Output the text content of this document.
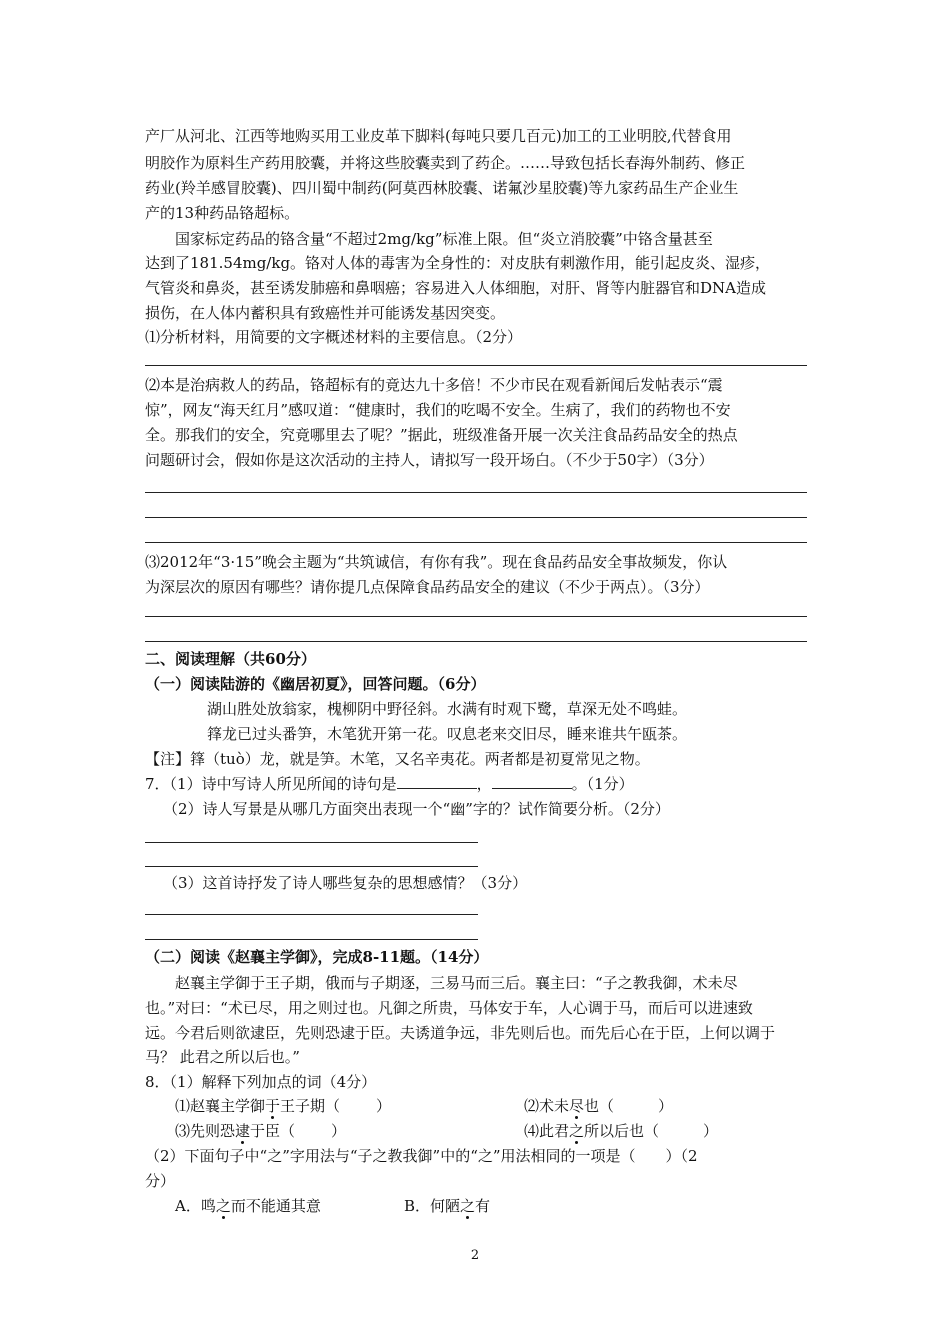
产厂从河北、江西等地购买用工业皮革下脚料(每吨只要几百元)加工的工业明胶,代替食用
明胶作为原料生产药用胶囊，并将这些胶囊卖到了药企。……导致包括长春海外制药、修正
药业(羚羊感冒胶囊)、四川蜀中制药(阿莫西林胶囊、诺氟沙星胶囊)等九家药品生产企业生
产的13种药品铬超标。
国家标定药品的铬含量“不超过2mg/kg”标准上限。但“炎立消胶囊”中铬含量甚至
达到了181.54mg/kg。铬对人体的毒害为全身性的：对皮肤有刺激作用，能引起皮炎、湿疹，
气管炎和鼻炎，甚至诱发肺癌和鼻咽癌；容易进入人体细胞，对肝、肾等内脏器官和DNA造成
损伤，在人体内蓄积具有致癌性并可能诱发基因突变。
⑴分析材料，用简要的文字概述材料的主要信息。（2分）
⑵本是治病救人的药品，铬超标有的竟达九十多倍！不少市民在观看新闻后发帖表示“震
惊”，网友“海天红月”感叹道：“健康时，我们的吃喝不安全。生病了，我们的药物也不安
全。那我们的安全，究竟哪里去了呢？”据此，班级准备开展一次关注食品药品安全的热点
问题研讨会，假如你是这次活动的主持人，请拟写一段开场白。（不少于50字）（3分）
⑶2012年“3·15”晚会主题为“共筑诚信，有你有我”。现在食品药品安全事故频发，你认
为深层次的原因有哪些？请你提几点保障食品药品安全的建议（不少于两点）。（3分）
二、阅读理解（共60分）
（一）阅读陆游的《幽居初夏》，回答问题。（6分）
湖山胜处放翁家，槐柳阴中野径斜。水满有时观下鹭，草深无处不鸣蛙。
箨龙已过头番笋，木笔犹开第一花。叹息老来交旧尽，睡来谁共午瓯茶。
【注】箨（tuò）龙，就是笋。木笔，又名辛夷花。两者都是初夏常见之物。
7．（1）诗中写诗人所见所闻的诗句是	，	。（1分）
（2）诗人写景是从哪几方面突出表现一个“幽”字的？试作简要分析。（2分）
（3）这首诗抒发了诗人哪些复杂的思想感情？（3分）
（二）阅读《赵襄主学御》，完成8-11题。（14分）
赵襄主学御于王子期，俄而与子期逐，三易马而三后。襄主曰：“子之教我御，术未尽
也。”对曰：“术已尽，用之则过也。凡御之所贵，马体安于车，人心调于马，而后可以进速致
远。今君后则欲逮臣，先则恐逮于臣。夫诱道争远，非先则后也。而先后心在于臣，上何以调于
马？ 此君之所以后也。”
8．（1）解释下列加点的词（4分）
⑴赵襄主学御于王子期（ ）	⑵术未尽也（	）
⑶先则恐逮于臣（ ）	⑷此君之所以后也（	）
（2）下面句子中“之”字用法与“子之教我御”中的“之”用法相同的一项是（　　）（2
分）
A．鸣之而不能通其意	B．何陋之有
2
